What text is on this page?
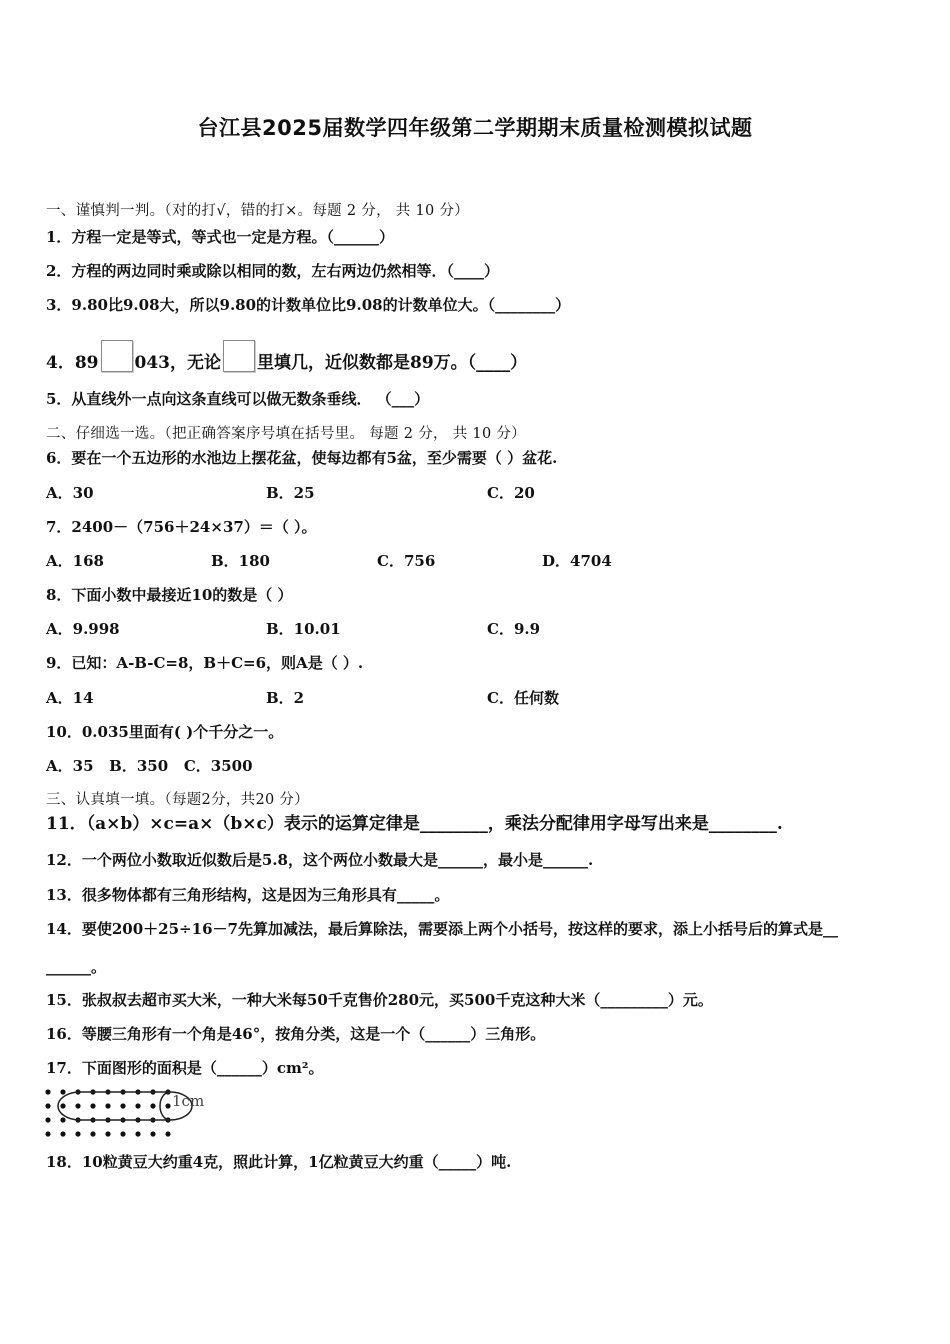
台江县2025届数学四年级第二学期期末质量检测模拟试题
一、谨慎判一判。（对的打√，错的打×。每题 2 分， 共 10 分）
1．方程一定是等式，等式也一定是方程。（______）
2．方程的两边同时乘或除以相同的数，左右两边仍然相等．（____）
3．9.80比9.08大，所以9.80的计数单位比9.08的计数单位大。（________）
4．89 043，无论 里填几，近似数都是89万。（____）
5．从直线外一点向这条直线可以做无数条垂线． （___）
二、仔细选一选。（把正确答案序号填在括号里。 每题 2 分， 共 10 分）
6．要在一个五边形的水池边上摆花盆，使每边都有5盆，至少需要（ ）盆花.
A．30	B．25	C．20
7．2400－（756＋24×37）＝（ ）。
A．168	B．180	C．756	D．4704
8．下面小数中最接近10的数是（ ）
A．9.998	B．10.01	C．9.9
9．已知：A-B-C=8，B＋C=6，则A是（ ）.
A．14	B．2	C．任何数
10．0.035里面有( )个千分之一。
A．35   B．350   C．3500
三、认真填一填。（每题2分，共20 分）
11．（a×b）×c=a×（b×c）表示的运算定律是________，乘法分配律用字母写出来是________.
12．一个两位小数取近似数后是5.8，这个两位小数最大是______，最小是______.
13．很多物体都有三角形结构，这是因为三角形具有_____。
14．要使200＋25÷16－7先算加减法，最后算除法，需要添上两个小括号，按这样的要求，添上小括号后的算式是__
______。
15．张叔叔去超市买大米，一种大米每50千克售价280元，买500千克这种大米（_________）元。
16．等腰三角形有一个角是46°，按角分类，这是一个（______）三角形。
17．下面图形的面积是（______）cm²。
1cm
18．10粒黄豆大约重4克，照此计算，1亿粒黄豆大约重（_____）吨.
